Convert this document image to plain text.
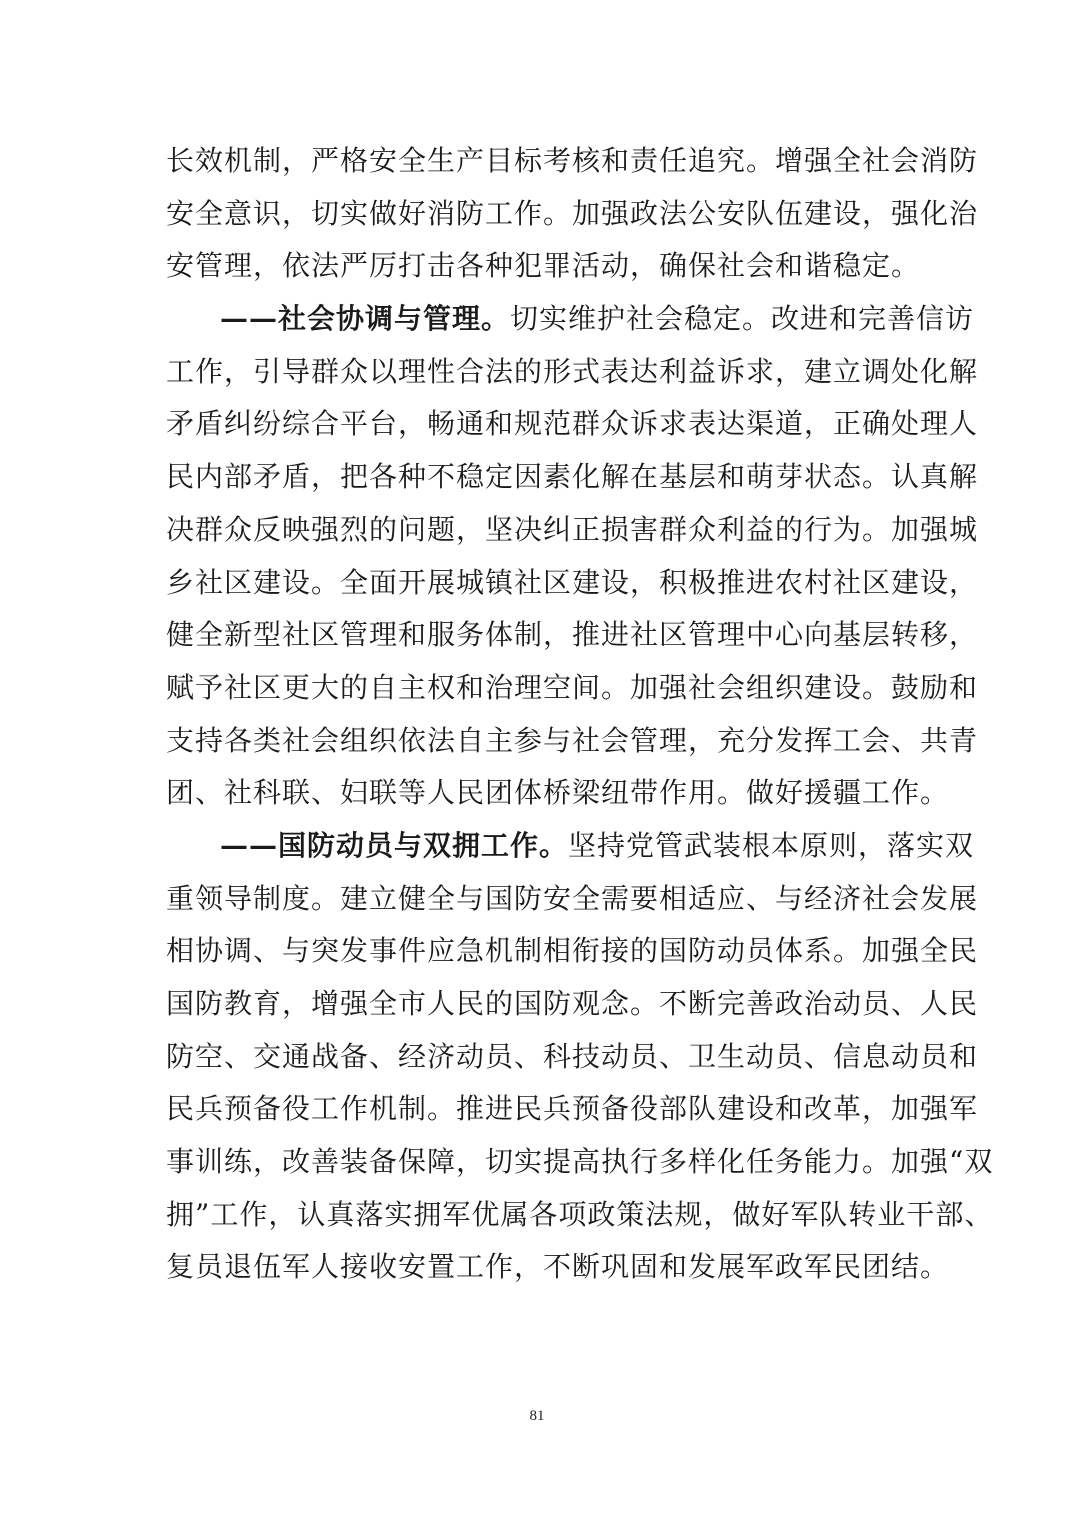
长效机制，严格安全生产目标考核和责任追究。增强全社会消防
安全意识，切实做好消防工作。加强政法公安队伍建设，强化治
安管理，依法严厉打击各种犯罪活动，确保社会和谐稳定。
——社会协调与管理。切实维护社会稳定。改进和完善信访
工作，引导群众以理性合法的形式表达利益诉求，建立调处化解
矛盾纠纷综合平台，畅通和规范群众诉求表达渠道，正确处理人
民内部矛盾，把各种不稳定因素化解在基层和萌芽状态。认真解
决群众反映强烈的问题，坚决纠正损害群众利益的行为。加强城
乡社区建设。全面开展城镇社区建设，积极推进农村社区建设，
健全新型社区管理和服务体制，推进社区管理中心向基层转移，
赋予社区更大的自主权和治理空间。加强社会组织建设。鼓励和
支持各类社会组织依法自主参与社会管理，充分发挥工会、共青
团、社科联、妇联等人民团体桥梁纽带作用。做好援疆工作。
——国防动员与双拥工作。坚持党管武装根本原则，落实双
重领导制度。建立健全与国防安全需要相适应、与经济社会发展
相协调、与突发事件应急机制相衔接的国防动员体系。加强全民
国防教育，增强全市人民的国防观念。不断完善政治动员、人民
防空、交通战备、经济动员、科技动员、卫生动员、信息动员和
民兵预备役工作机制。推进民兵预备役部队建设和改革，加强军
事训练，改善装备保障，切实提高执行多样化任务能力。加强“双
拥”工作，认真落实拥军优属各项政策法规，做好军队转业干部、
复员退伍军人接收安置工作，不断巩固和发展军政军民团结。
81
